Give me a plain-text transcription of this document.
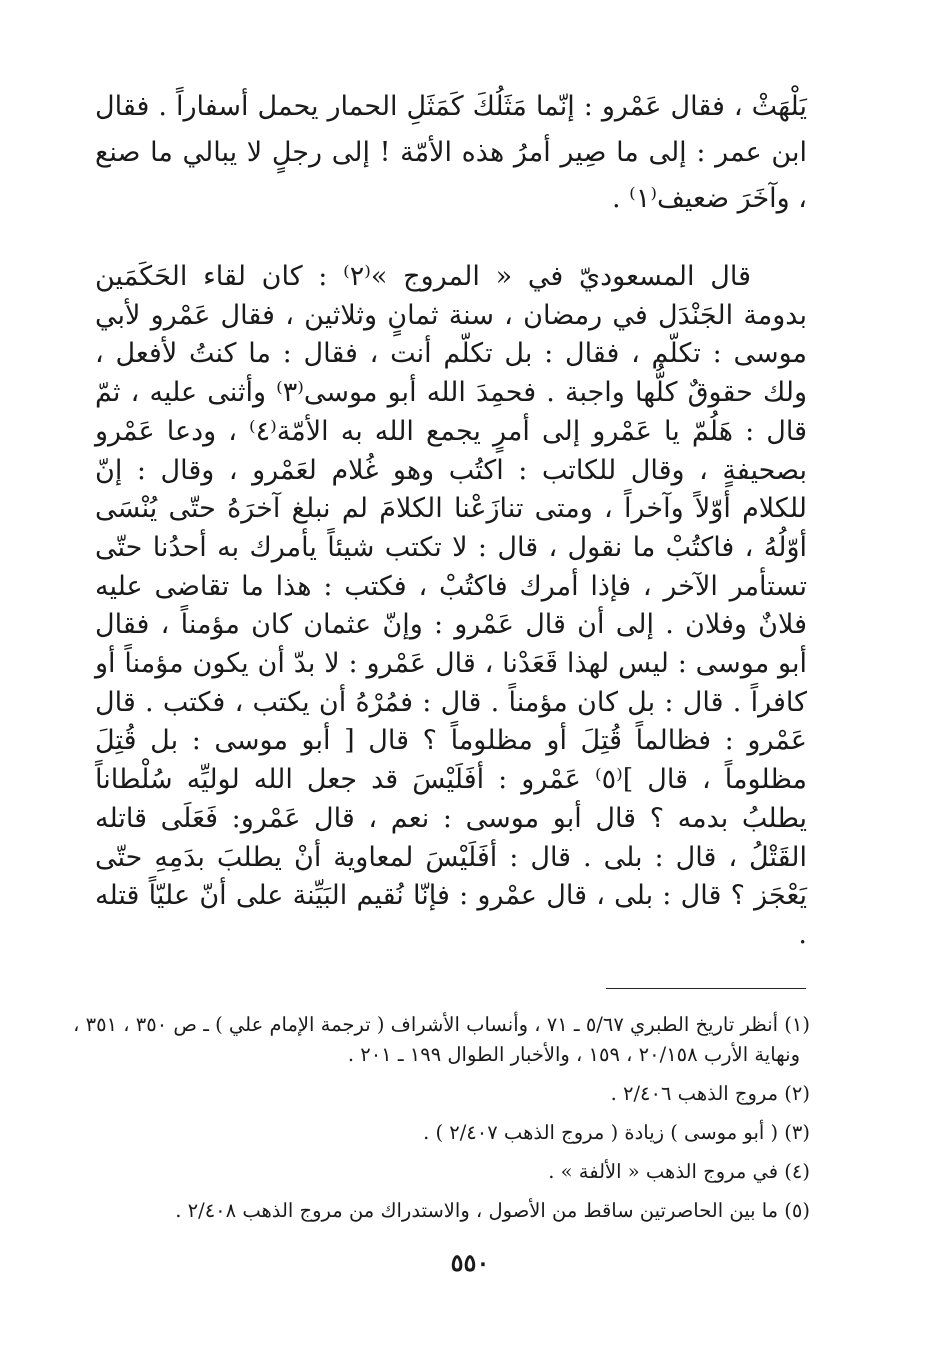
يَلْهَثْ ، فقال عَمْرو : إنّما مَثَلُكَ كَمَثَلِ الحمار يحمل أسفاراً . فقال ابن عمر : إلى ما صِير أمرُ هذه الأمّة ! إلى رجلٍ لا يبالي ما صنع ، وآخَرَ ضعيف⁽١⁾ .

قال المسعوديّ في « المروج »⁽٢⁾ : كان لقاء الحَكَمَين بدومة الجَنْدَل في رمضان ، سنة ثمانٍ وثلاثين ، فقال عَمْرو لأبي موسى : تكلّم ، فقال : بل تكلّم أنت ، فقال : ما كنتُ لأفعل ، ولك حقوقٌ كلُّها واجبة . فحمِدَ الله أبو موسى⁽٣⁾ وأثنى عليه ، ثمّ قال : هَلُمّ يا عَمْرو إلى أمرٍ يجمع الله به الأمّة⁽٤⁾ ، ودعا عَمْرو بصحيفةٍ ، وقال للكاتب : اكتُب وهو غُلام لعَمْرو ، وقال : إنّ للكلام أوّلاً وآخراً ، ومتى تنازَعْنا الكلامَ لم نبلغ آخرَهُ حتّى يُنْسَى أوّلُهُ ، فاكتُبْ ما نقول ، قال : لا تكتب شيئاً يأمرك به أحدُنا حتّى تستأمر الآخر ، فإذا أمرك فاكتُبْ ، فكتب : هذا ما تقاضى عليه فلانٌ وفلان . إلى أن قال عَمْرو : وإنّ عثمان كان مؤمناً ، فقال أبو موسى : ليس لهذا قَعَدْنا ، قال عَمْرو : لا بدّ أن يكون مؤمناً أو كافراً . قال : بل كان مؤمناً . قال : فمُرْهُ أن يكتب ، فكتب . قال عَمْرو : فظالماً قُتِلَ أو مظلوماً ؟ قال [ أبو موسى : بل قُتِلَ مظلوماً ، قال ]⁽٥⁾ عَمْرو : أفَلَيْسَ قد جعل الله لوليِّه سُلْطاناً يطلبُ بدمه ؟ قال أبو موسى : نعم ، قال عَمْرو: فَعَلَى قاتله القَتْلُ ، قال : بلى . قال : أفَلَيْسَ لمعاوية أنْ يطلبَ بدَمِهِ حتّى يَعْجَز ؟ قال : بلى ، قال عمْرو : فإنّا نُقيم البَيِّنة على أنّ عليّاً قتله .

(١) أنظر تاريخ الطبري ٥/٦٧ ـ ٧١ ، وأنساب الأشراف ( ترجمة الإمام علي ) ـ ص ٣٥٠ ، ٣٥١ ،
ونهاية الأرب ٢٠/١٥٨ ، ١٥٩ ، والأخبار الطوال ١٩٩ ـ ٢٠١ .
(٢) مروج الذهب ٢/٤٠٦ .
(٣) ( أبو موسى ) زيادة ( مروج الذهب ٢/٤٠٧ ) .
(٤) في مروج الذهب « الألفة » .
(٥) ما بين الحاصرتين ساقط من الأصول ، والاستدراك من مروج الذهب ٢/٤٠٨ .
٥٥٠
